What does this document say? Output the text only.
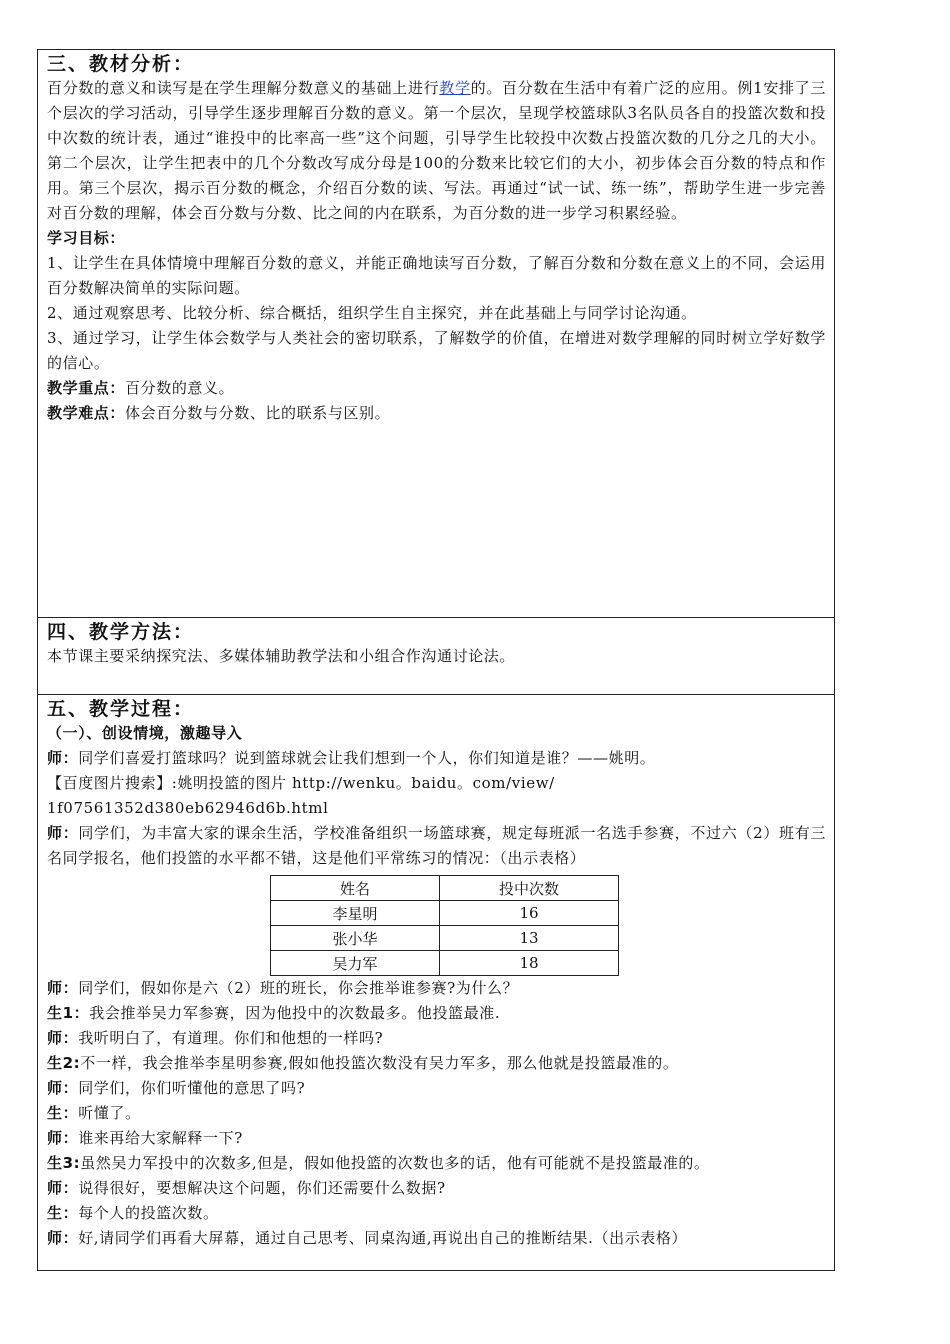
三、教材分析：

百分数的意义和读写是在学生理解分数意义的基础上进行教学的。百分数在生活中有着广泛的应用。例1安排了三个层次的学习活动，引导学生逐步理解百分数的意义。第一个层次，呈现学校篮球队3名队员各自的投篮次数和投中次数的统计表，通过“谁投中的比率高一些”这个问题，引导学生比较投中次数占投篮次数的几分之几的大小。第二个层次，让学生把表中的几个分数改写成分母是100的分数来比较它们的大小，初步体会百分数的特点和作用。第三个层次，揭示百分数的概念，介绍百分数的读、写法。再通过“试一试、练一练”，帮助学生进一步完善对百分数的理解，体会百分数与分数、比之间的内在联系，为百分数的进一步学习积累经验。

学习目标：

1、让学生在具体情境中理解百分数的意义，并能正确地读写百分数，了解百分数和分数在意义上的不同，会运用百分数解决简单的实际问题。

2、通过观察思考、比较分析、综合概括，组织学生自主探究，并在此基础上与同学讨论沟通。

3、通过学习，让学生体会数学与人类社会的密切联系，了解数学的价值，在增进对数学理解的同时树立学好数学的信心。

教学重点：百分数的意义。

教学难点：体会百分数与分数、比的联系与区别。

四、教学方法：

本节课主要采纳探究法、多媒体辅助教学法和小组合作沟通讨论法。

五、教学过程：

（一）、创设情境，激趣导入

师：同学们喜爱打篮球吗？说到篮球就会让我们想到一个人，你们知道是谁？——姚明。

【百度图片搜索】:姚明投篮的图片 http://wenku。baidu。com/view/

1f07561352d380eb62946d6b.html

师：同学们，为丰富大家的课余生活，学校准备组织一场篮球赛，规定每班派一名选手参赛，不过六（2）班有三名同学报名，他们投篮的水平都不错，这是他们平常练习的情况：（出示表格）

姓名	投中次数
李星明	16
张小华	13
吴力军	18

师：同学们，假如你是六（2）班的班长，你会推举谁参赛?为什么？

生1：我会推举吴力军参赛，因为他投中的次数最多。他投篮最准.

师：我听明白了，有道理。你们和他想的一样吗?

生2:不一样，我会推举李星明参赛,假如他投篮次数没有吴力军多，那么他就是投篮最准的。

师：同学们，你们听懂他的意思了吗?

生：听懂了。

师：谁来再给大家解释一下?

生3:虽然吴力军投中的次数多,但是，假如他投篮的次数也多的话，他有可能就不是投篮最准的。

师：说得很好，要想解决这个问题，你们还需要什么数据?

生：每个人的投篮次数。

师：好,请同学们再看大屏幕，通过自己思考、同桌沟通,再说出自己的推断结果.（出示表格）
